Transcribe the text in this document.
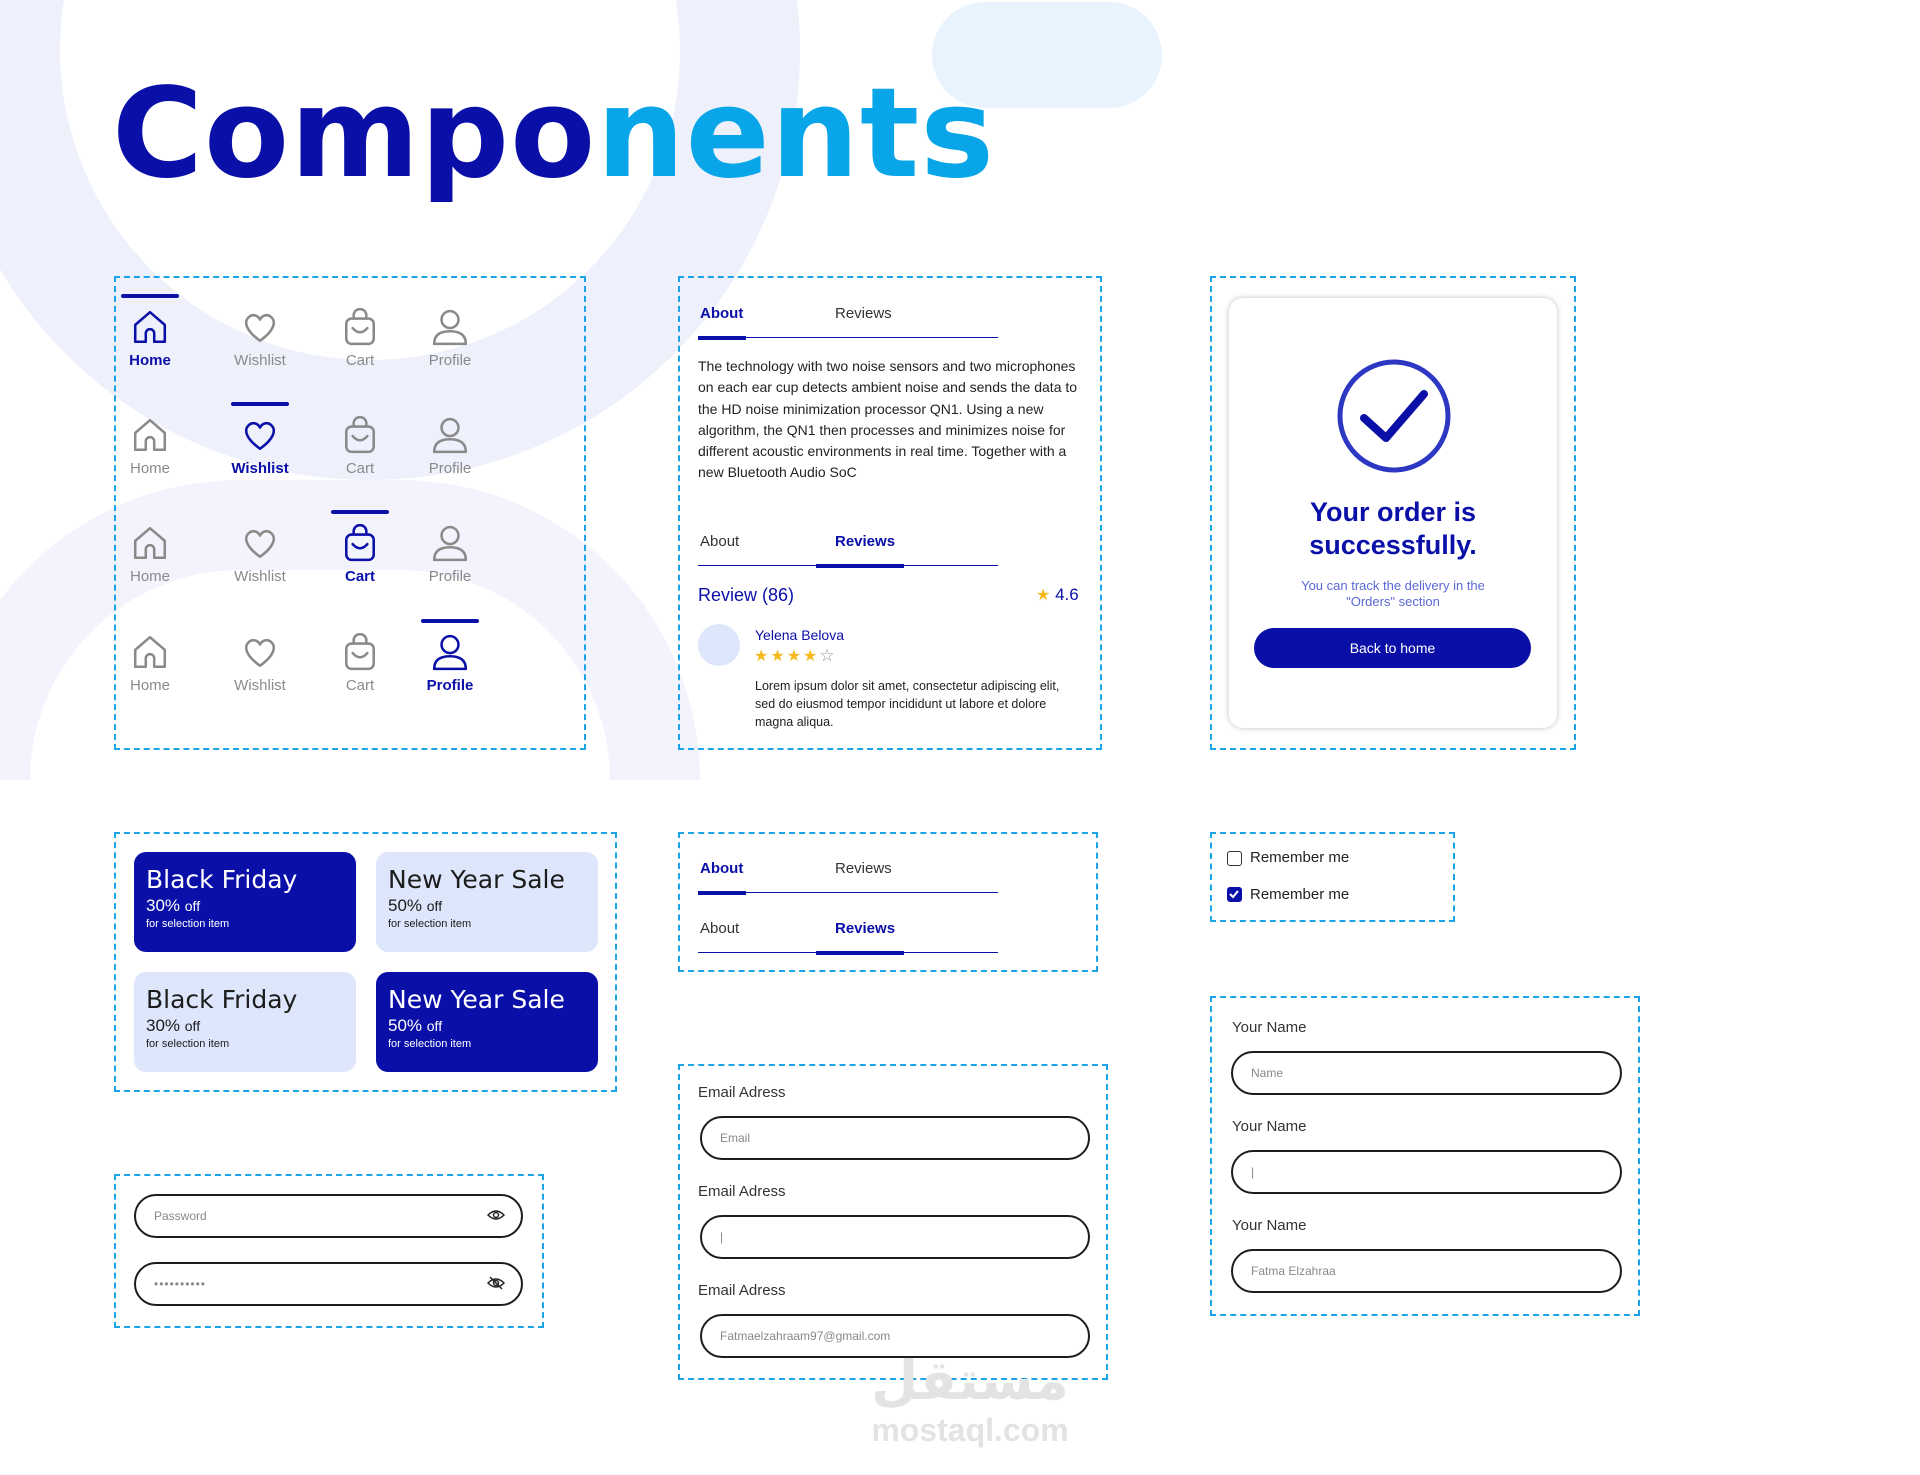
Components
Home	Wishlist	Cart	Profile
Home	Wishlist	Cart	Profile
Home	Wishlist	Cart	Profile
Home	Wishlist	Cart	Profile
About	Reviews
The technology with two noise sensors and two microphones on each ear cup detects ambient noise and sends the data to the HD noise minimization processor QN1. Using a new algorithm, the QN1 then processes and minimizes noise for different acoustic environments in real time. Together with a new Bluetooth Audio SoC
About	Reviews
Review (86)	★ 4.6
Yelena Belova
★★★★☆
Lorem ipsum dolor sit amet, consectetur adipiscing elit, sed do eiusmod tempor incididunt ut labore et dolore magna aliqua.
Your order is
successfully.
You can track the delivery in the
"Orders" section
Back to home
Black Friday
30% off
for selection item
New Year Sale
50% off
for selection item
Black Friday
30% off
for selection item
New Year Sale
50% off
for selection item
About	Reviews
About	Reviews
Remember me
Remember me
Password
••••••••••
Email Adress
Email
Email Adress
|
Email Adress
Fatmaelzahraam97@gmail.com
Your Name
Name
Your Name
|
Your Name
Fatma Elzahraa
مستقل
mostaql.com
